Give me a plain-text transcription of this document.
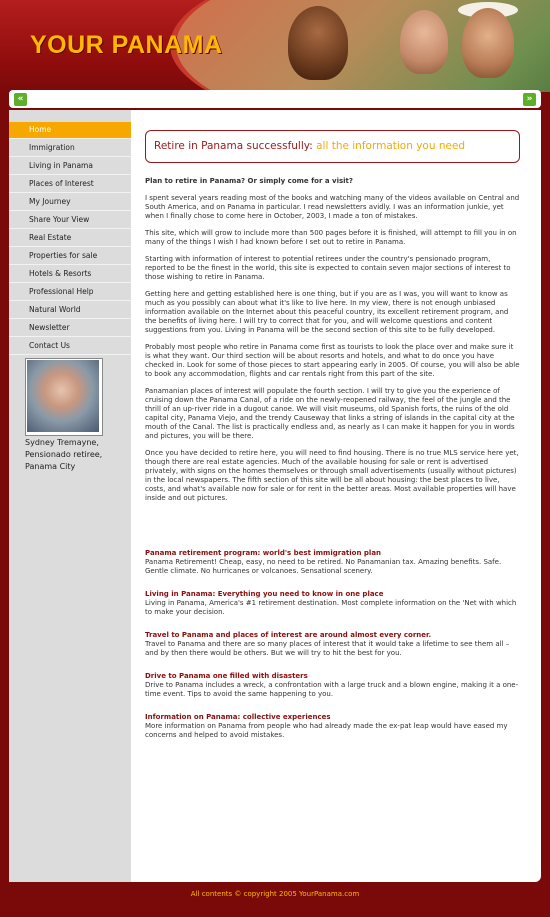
YOUR PANAMA
«	»
Home
Immigration
Living in Panama
Places of Interest
My Journey
Share Your View
Real Estate
Properties for sale
Hotels & Resorts
Professional Help
Natural World
Newsletter
Contact Us
Sydney Tremayne,
Pensionado retiree,
Panama City
Retire in Panama successfully: all the information you need
Plan to retire in Panama? Or simply come for a visit?

I spent several years reading most of the books and watching many of the videos available on Central and South America, and on Panama in particular. I read newsletters avidly. I was an information junkie, yet when I finally chose to come here in October, 2003, I made a ton of mistakes.

This site, which will grow to include more than 500 pages before it is finished, will attempt to fill you in on many of the things I wish I had known before I set out to retire in Panama.

Starting with information of interest to potential retirees under the country's pensionado program, reported to be the finest in the world, this site is expected to contain seven major sections of interest to those wishing to retire in Panama.

Getting here and getting established here is one thing, but if you are as I was, you will want to know as much as you possibly can about what it's like to live here. In my view, there is not enough unbiased information available on the Internet about this peaceful country, its excellent retirement program, and the benefits of living here. I will try to correct that for you, and will welcome questions and content suggestions from you. Living in Panama will be the second section of this site to be fully developed.

Probably most people who retire in Panama come first as tourists to look the place over and make sure it is what they want. Our third section will be about resorts and hotels, and what to do once you have checked in. Look for some of those pieces to start appearing early in 2005. Of course, you will also be able to book any accommodation, flights and car rentals right from this part of the site.

Panamanian places of interest will populate the fourth section. I will try to give you the experience of cruising down the Panama Canal, of a ride on the newly-reopened railway, the feel of the jungle and the thrill of an up-river ride in a dugout canoe. We will visit museums, old Spanish forts, the ruins of the old capital city, Panama Viejo, and the trendy Causeway that links a string of islands in the capital city at the mouth of the Canal. The list is practically endless and, as nearly as I can make it happen for you in words and pictures, you will be there.

Once you have decided to retire here, you will need to find housing. There is no true MLS service here yet, though there are real estate agencies. Much of the available housing for sale or rent is advertised privately, with signs on the homes themselves or through small advertisements (usually without pictures) in the local newspapers. The fifth section of this site will be all about housing: the best places to live, costs, and what's available now for sale or for rent in the better areas. Most available properties will have inside and out pictures.

Panama retirement program: world's best immigration plan
Panama Retirement! Cheap, easy, no need to be retired. No Panamanian tax. Amazing benefits. Safe. Gentle climate. No hurricanes or volcanoes. Sensational scenery.
Living in Panama: Everything you need to know in one place
Living in Panama, America's #1 retirement destination. Most complete information on the 'Net with which to make your decision.
Travel to Panama and places of interest are around almost every corner.
Travel to Panama and there are so many places of interest that it would take a lifetime to see them all – and by then there would be others. But we will try to hit the best for you.
Drive to Panama one filled with disasters
Drive to Panama includes a wreck, a confrontation with a large truck and a blown engine, making it a one-time event. Tips to avoid the same happening to you.
Information on Panama: collective experiences
More information on Panama from people who had already made the ex-pat leap would have eased my concerns and helped to avoid mistakes.
All contents © copyright 2005 YourPanama.com
